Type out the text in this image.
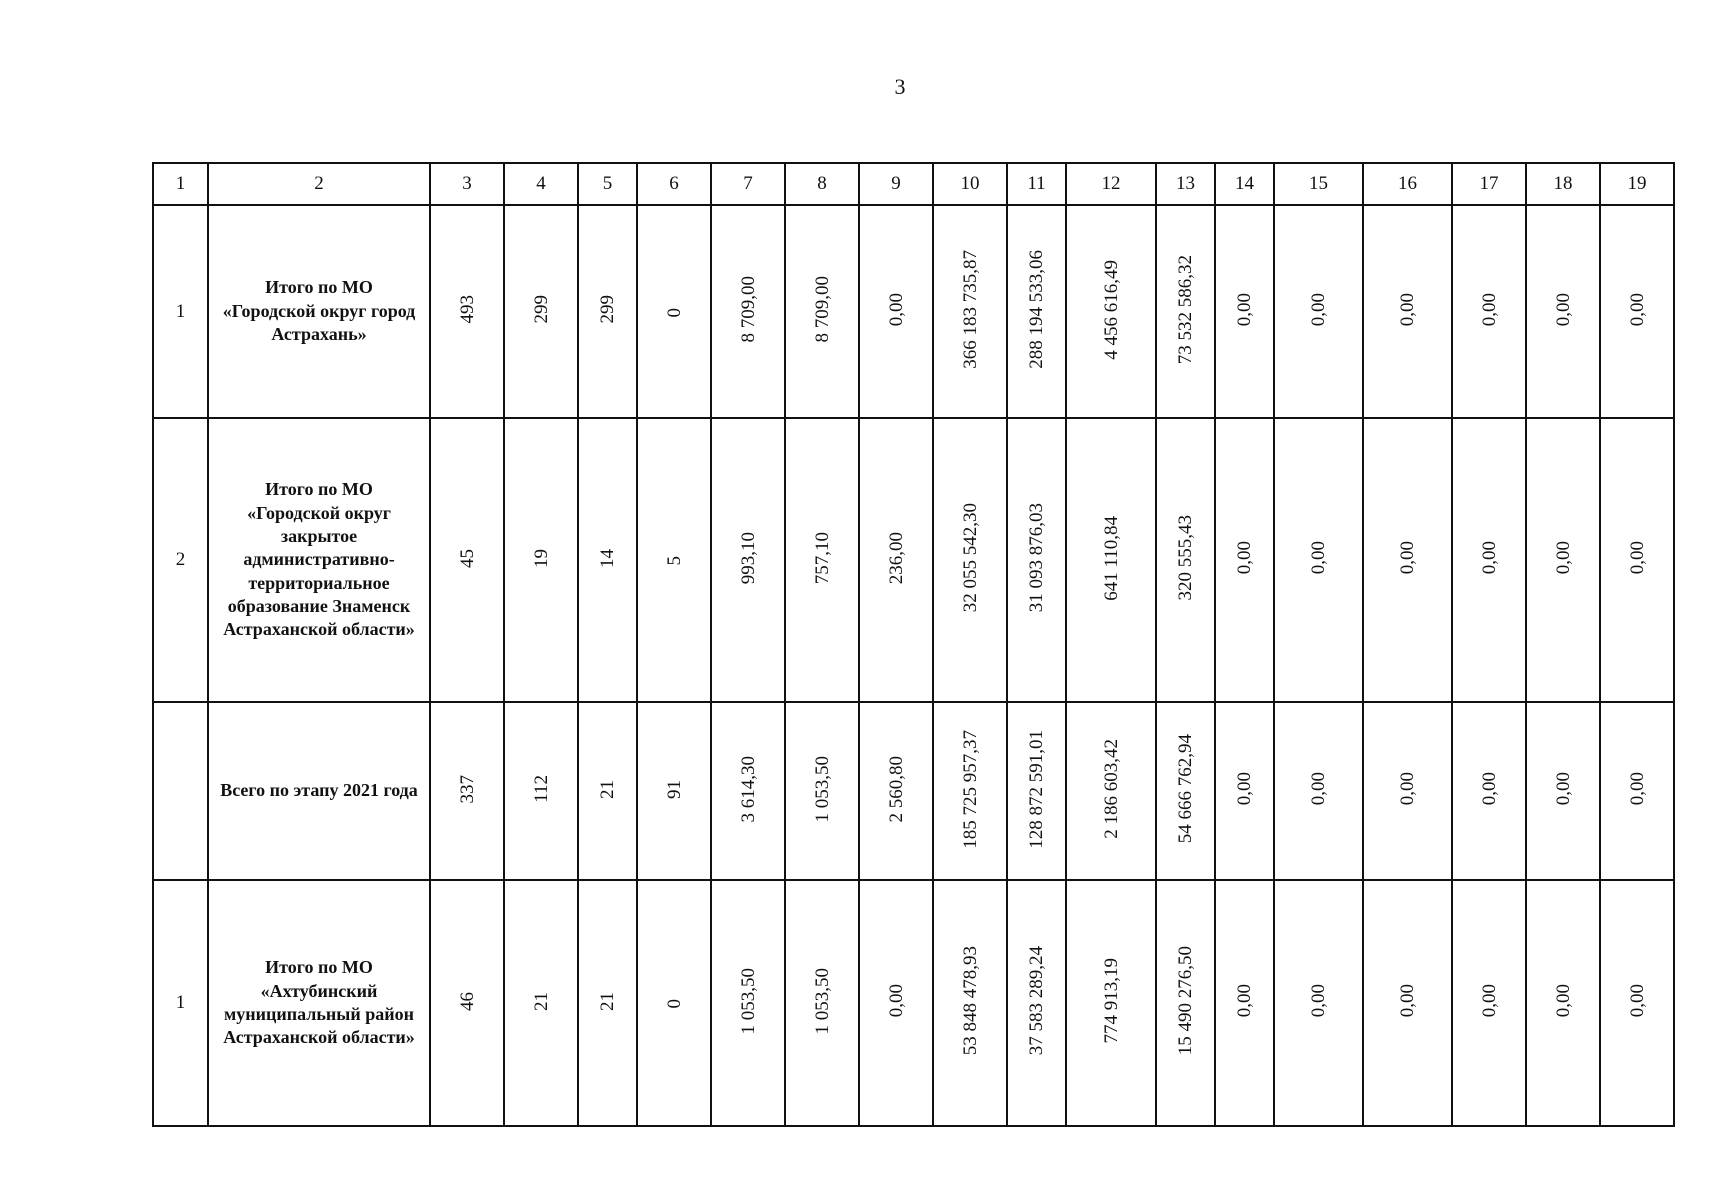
3
1	2	3	4	5	6	7	8	9	10	11	12	13	14	15	16	17	18	19
1	Итого по МО «Городской округ город Астрахань»	493	299	299	0	8 709,00	8 709,00	0,00	366 183 735,87	288 194 533,06	4 456 616,49	73 532 586,32	0,00	0,00	0,00	0,00	0,00	0,00
2	Итого по МО «Городской округ закрытое административно-территориальное образование Знаменск Астраханской области»	45	19	14	5	993,10	757,10	236,00	32 055 542,30	31 093 876,03	641 110,84	320 555,43	0,00	0,00	0,00	0,00	0,00	0,00
	Всего по этапу 2021 года	337	112	21	91	3 614,30	1 053,50	2 560,80	185 725 957,37	128 872 591,01	2 186 603,42	54 666 762,94	0,00	0,00	0,00	0,00	0,00	0,00
1	Итого по МО «Ахтубинский муниципальный район Астраханской области»	46	21	21	0	1 053,50	1 053,50	0,00	53 848 478,93	37 583 289,24	774 913,19	15 490 276,50	0,00	0,00	0,00	0,00	0,00	0,00
